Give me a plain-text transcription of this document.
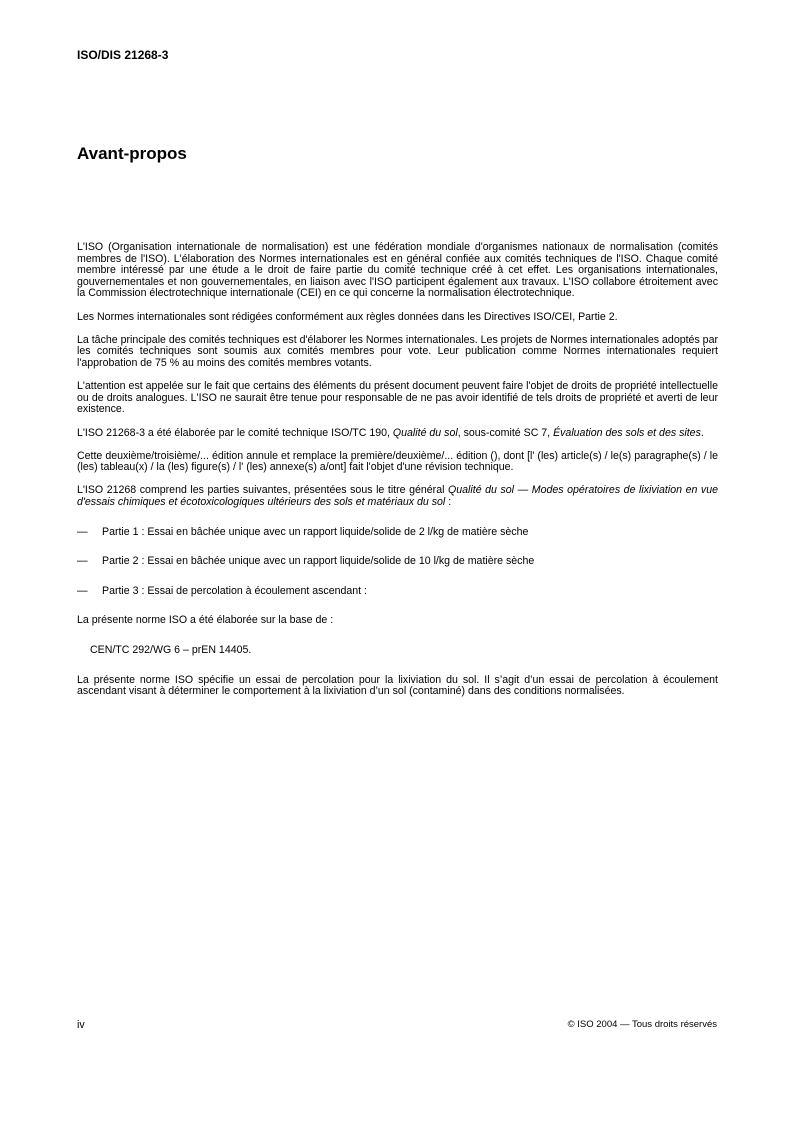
ISO/DIS 21268-3
Avant-propos

L'ISO (Organisation internationale de normalisation) est une fédération mondiale d'organismes nationaux de normalisation (comités membres de l'ISO). L'élaboration des Normes internationales est en général confiée aux comités techniques de l'ISO. Chaque comité membre intéressé par une étude a le droit de faire partie du comité technique créé à cet effet. Les organisations internationales, gouvernementales et non gouvernementales, en liaison avec l'ISO participent également aux travaux. L'ISO collabore étroitement avec la Commission électrotechnique internationale (CEI) en ce qui concerne la normalisation électrotechnique.

Les Normes internationales sont rédigées conformément aux règles données dans les Directives ISO/CEI, Partie 2.

La tâche principale des comités techniques est d'élaborer les Normes internationales. Les projets de Normes internationales adoptés par les comités techniques sont soumis aux comités membres pour vote. Leur publication comme Normes internationales requiert l'approbation de 75 % au moins des comités membres votants.

L'attention est appelée sur le fait que certains des éléments du présent document peuvent faire l'objet de droits de propriété intellectuelle ou de droits analogues. L'ISO ne saurait être tenue pour responsable de ne pas avoir identifié de tels droits de propriété et averti de leur existence.

L'ISO 21268-3 a été élaborée par le comité technique ISO/TC 190, Qualité du sol, sous-comité SC 7, Évaluation des sols et des sites.

Cette deuxième/troisième/... édition annule et remplace la première/deuxième/... édition (), dont [l' (les) article(s) / le(s) paragraphe(s) / le (les) tableau(x) / la (les) figure(s) / l' (les) annexe(s) a/ont] fait l'objet d'une révision technique.

L'ISO 21268 comprend les parties suivantes, présentées sous le titre général Qualité du sol — Modes opératoires de lixiviation en vue d'essais chimiques et écotoxicologiques ultérieurs des sols et matériaux du sol :

— Partie 1 : Essai en bâchée unique avec un rapport liquide/solide de 2 l/kg de matière sèche

— Partie 2 : Essai en bâchée unique avec un rapport liquide/solide de 10 l/kg de matière sèche

— Partie 3 : Essai de percolation à écoulement ascendant :

La présente norme ISO a été élaborée sur la base de :

CEN/TC 292/WG 6 – prEN 14405.

La présente norme ISO spécifie un essai de percolation pour la lixiviation du sol. Il s’agit d’un essai de percolation à écoulement ascendant visant à déterminer le comportement à la lixiviation d’un sol (contaminé) dans des conditions normalisées.

iv	© ISO 2004 — Tous droits réservés
